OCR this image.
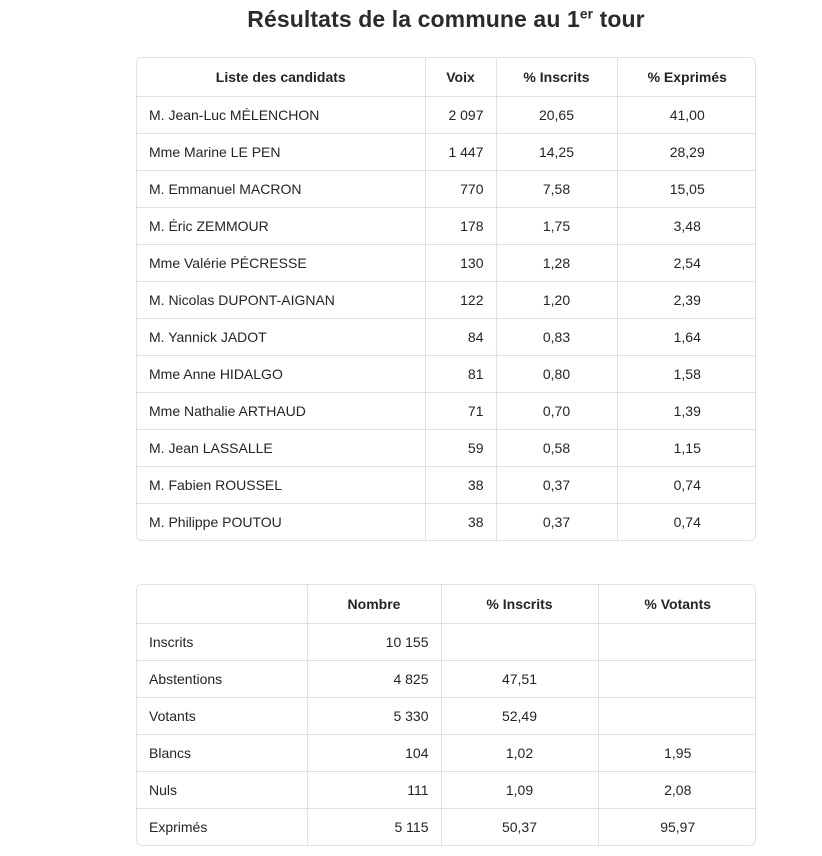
Résultats de la commune au 1er tour
Liste des candidats	Voix	% Inscrits	% Exprimés
M. Jean-Luc MÉLENCHON	2 097	20,65	41,00
Mme Marine LE PEN	1 447	14,25	28,29
M. Emmanuel MACRON	770	7,58	15,05
M. Éric ZEMMOUR	178	1,75	3,48
Mme Valérie PÉCRESSE	130	1,28	2,54
M. Nicolas DUPONT-AIGNAN	122	1,20	2,39
M. Yannick JADOT	84	0,83	1,64
Mme Anne HIDALGO	81	0,80	1,58
Mme Nathalie ARTHAUD	71	0,70	1,39
M. Jean LASSALLE	59	0,58	1,15
M. Fabien ROUSSEL	38	0,37	0,74
M. Philippe POUTOU	38	0,37	0,74
	Nombre	% Inscrits	% Votants
Inscrits	10 155		
Abstentions	4 825	47,51	
Votants	5 330	52,49	
Blancs	104	1,02	1,95
Nuls	111	1,09	2,08
Exprimés	5 115	50,37	95,97
